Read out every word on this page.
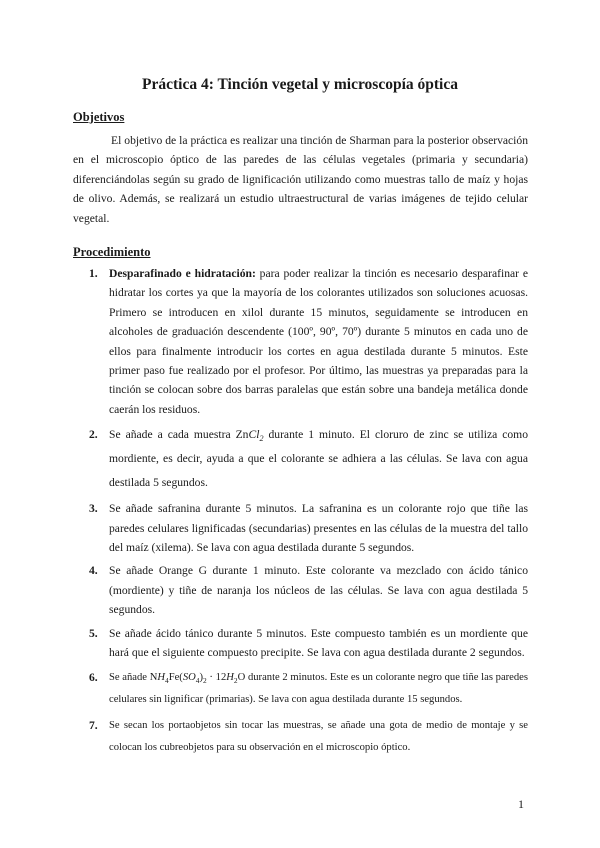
Práctica 4: Tinción vegetal y microscopía óptica
Objetivos

El objetivo de la práctica es realizar una tinción de Sharman para la posterior observación en el microscopio óptico de las paredes de las células vegetales (primaria y secundaria) diferenciándolas según su grado de lignificación utilizando como muestras tallo de maíz y hojas de olivo. Además, se realizará un estudio ultraestructural de varias imágenes de tejido celular vegetal.

Procedimiento
1. Desparafinado e hidratación: para poder realizar la tinción es necesario desparafinar e hidratar los cortes ya que la mayoría de los colorantes utilizados son soluciones acuosas. Primero se introducen en xilol durante 15 minutos, seguidamente se introducen en alcoholes de graduación descendente (100º, 90º, 70º) durante 5 minutos en cada uno de ellos para finalmente introducir los cortes en agua destilada durante 5 minutos. Este primer paso fue realizado por el profesor. Por último, las muestras ya preparadas para la tinción se colocan sobre dos barras paralelas que están sobre una bandeja metálica donde caerán los residuos.
2. Se añade a cada muestra ZnCl$_2$ durante 1 minuto. El cloruro de zinc se utiliza como mordiente, es decir, ayuda a que el colorante se adhiera a las células. Se lava con agua destilada 5 segundos.
3. Se añade safranina durante 5 minutos. La safranina es un colorante rojo que tiñe las paredes celulares lignificadas (secundarias) presentes en las células de la muestra del tallo del maíz (xilema). Se lava con agua destilada durante 5 segundos.
4. Se añade Orange G durante 1 minuto. Este colorante va mezclado con ácido tánico (mordiente) y tiñe de naranja los núcleos de las células. Se lava con agua destilada 5 segundos.
5. Se añade ácido tánico durante 5 minutos. Este compuesto también es un mordiente que hará que el siguiente compuesto precipite. Se lava con agua destilada durante 2 segundos.
6. Se añade $NH_4Fe(SO_4)_2 \cdot 12H_2O$ durante 2 minutos. Este es un colorante negro que tiñe las paredes celulares sin lignificar (primarias). Se lava con agua destilada durante 15 segundos.
7. Se secan los portaobjetos sin tocar las muestras, se añade una gota de medio de montaje y se colocan los cubreobjetos para su observación en el microscopio óptico.
1
